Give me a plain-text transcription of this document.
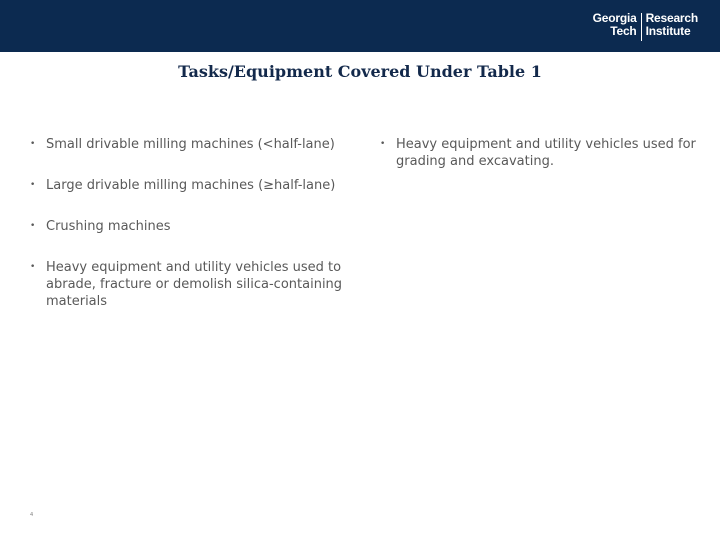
Georgia
Tech
Research
Institute
Tasks/Equipment Covered Under Table 1
• Small drivable milling machines (<half-lane)
• Large drivable milling machines (≥half-lane)
• Crushing machines
• Heavy equipment and utility vehicles used to abrade, fracture or demolish silica-containing materials
• Heavy equipment and utility vehicles used for grading and excavating.
4
